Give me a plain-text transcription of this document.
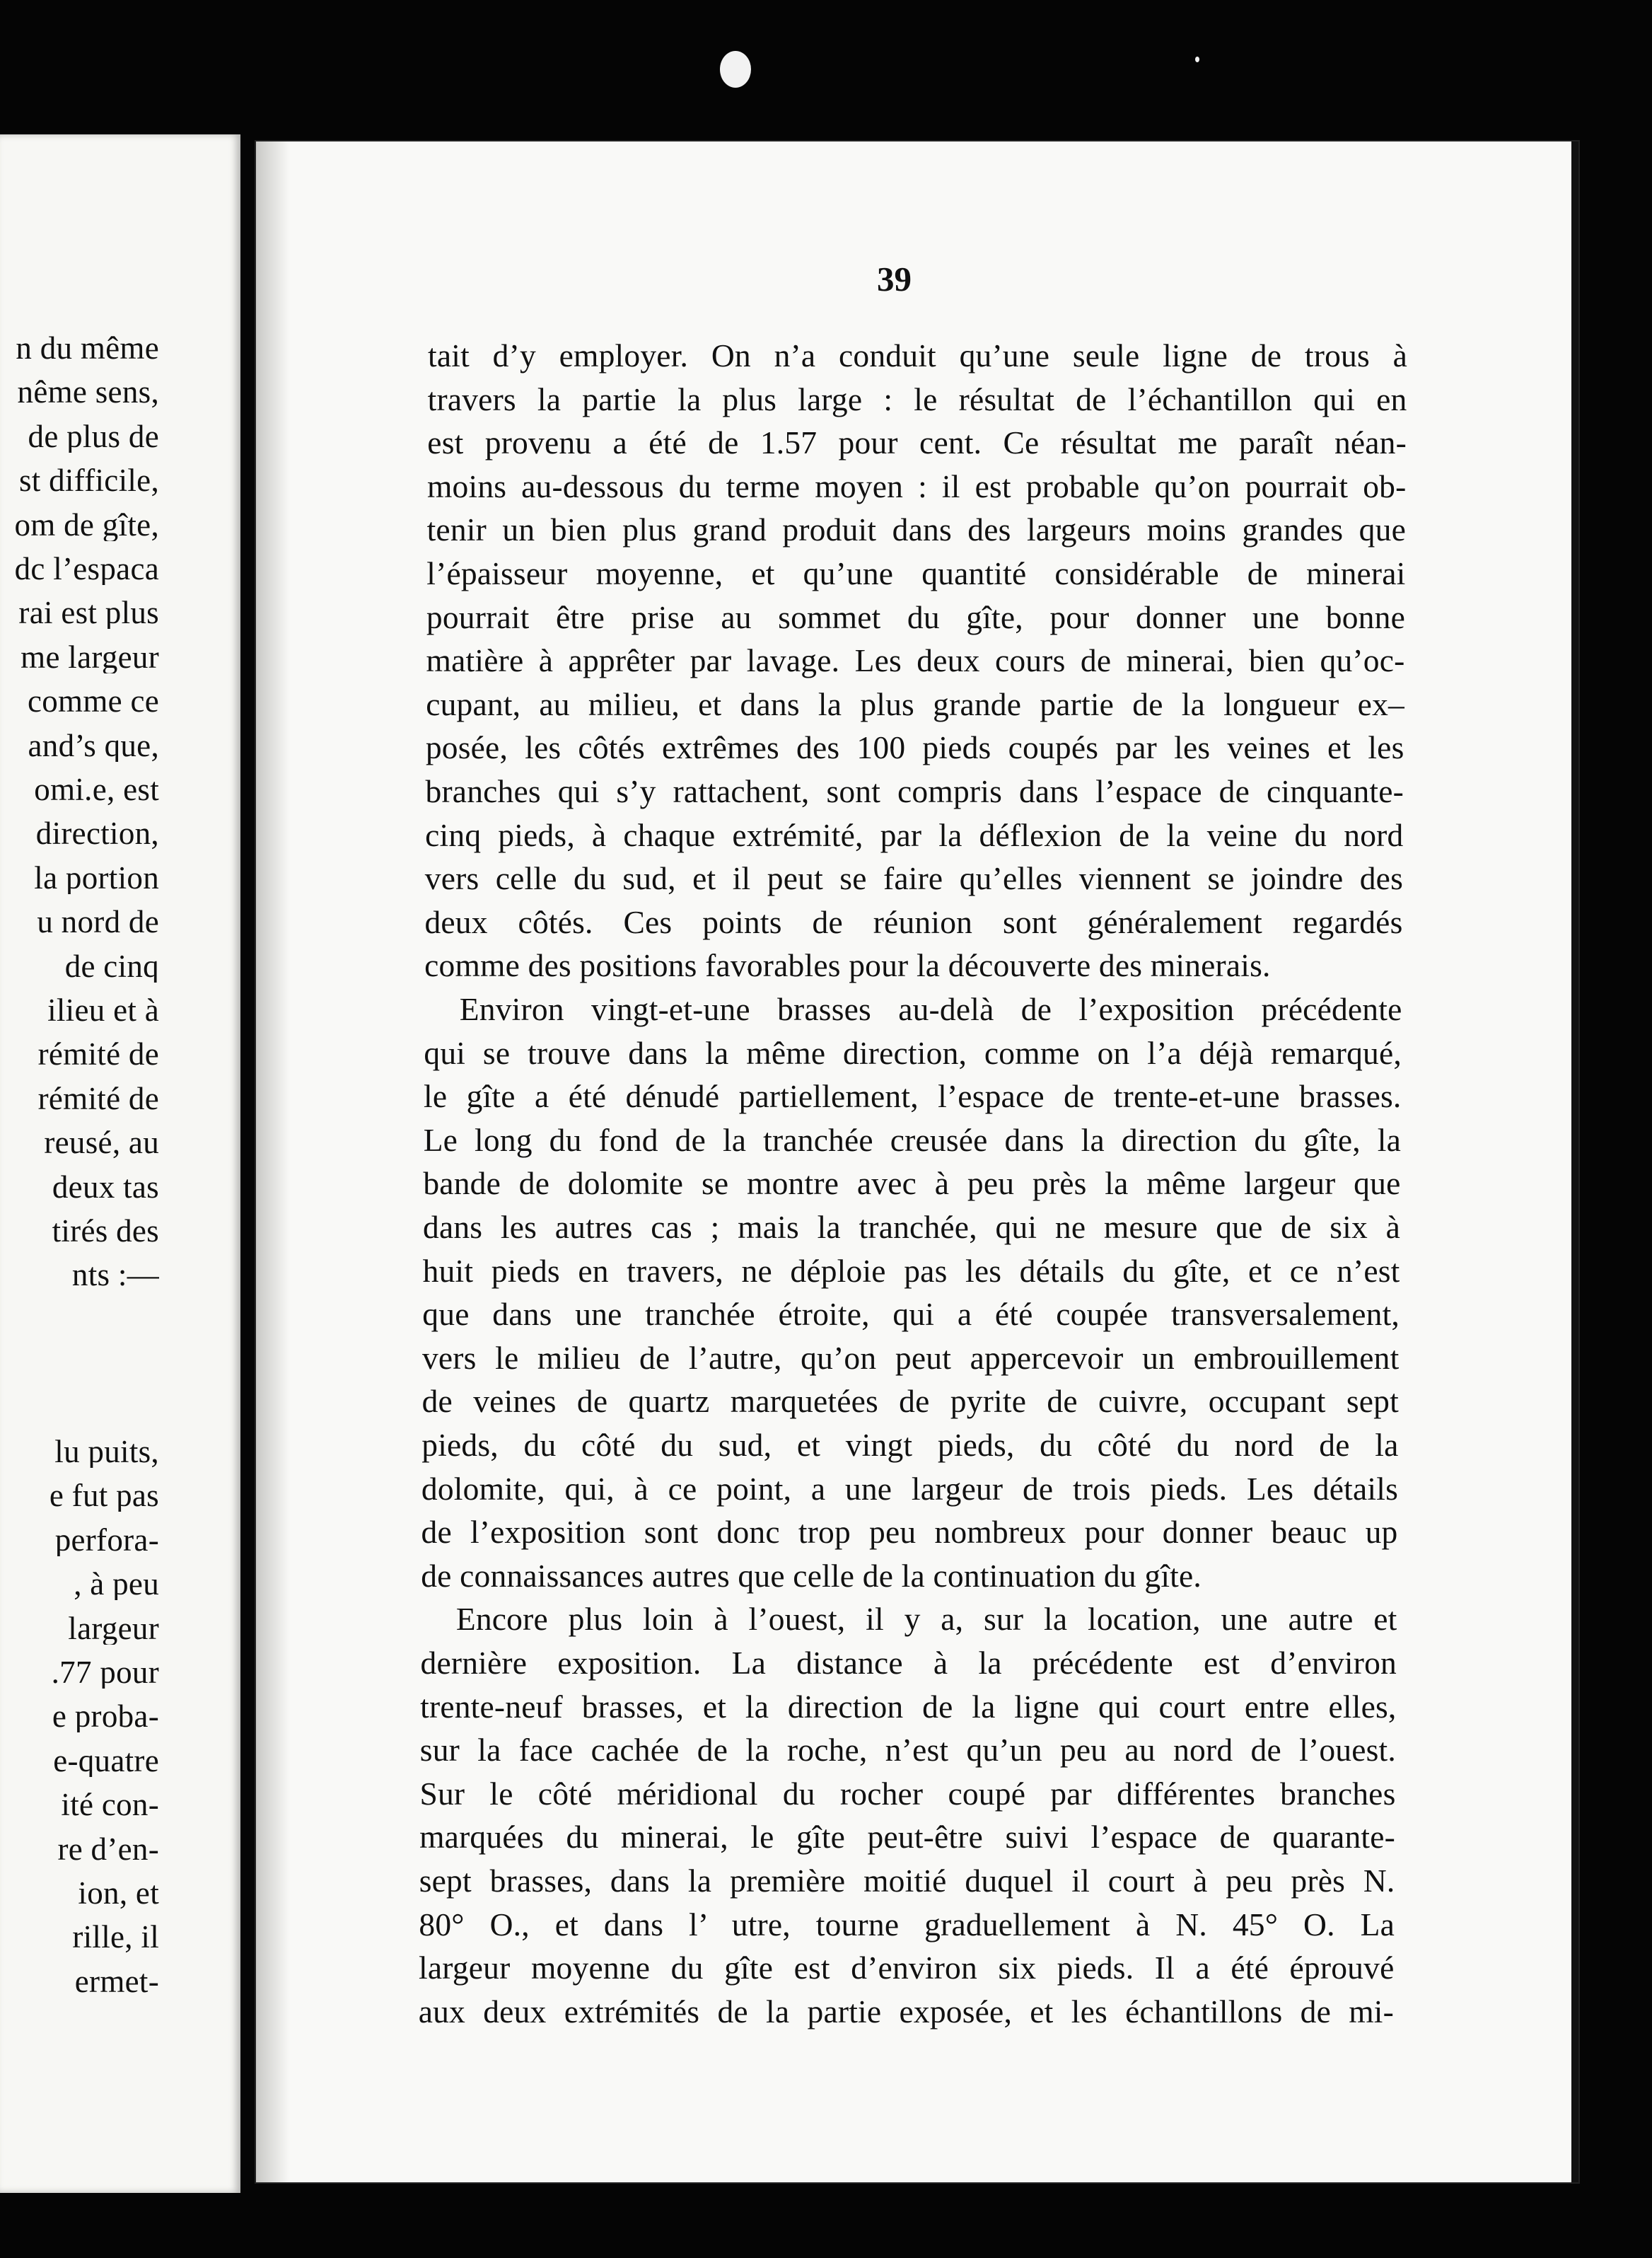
39
tait d’y employer. On n’a conduit qu’une seule ligne de trous à
travers la partie la plus large : le résultat de l’échantillon qui en
est provenu a été de 1.57 pour cent. Ce résultat me paraît néan-
moins au-dessous du terme moyen : il est probable qu’on pourrait ob-
tenir un bien plus grand produit dans des largeurs moins grandes que
l’épaisseur moyenne, et qu’une quantité considérable de minerai
pourrait être prise au sommet du gîte, pour donner une bonne
matière à apprêter par lavage. Les deux cours de minerai, bien qu’oc-
cupant, au milieu, et dans la plus grande partie de la longueur ex–
posée, les côtés extrêmes des 100 pieds coupés par les veines et les
branches qui s’y rattachent, sont compris dans l’espace de cinquante-
cinq pieds, à chaque extrémité, par la déflexion de la veine du nord
vers celle du sud, et il peut se faire qu’elles viennent se joindre des
deux côtés. Ces points de réunion sont généralement regardés
comme des positions favorables pour la découverte des minerais.
Environ vingt-et-une brasses au-delà de l’exposition précédente
qui se trouve dans la même direction, comme on l’a déjà remarqué,
le gîte a été dénudé partiellement, l’espace de trente-et-une brasses.
Le long du fond de la tranchée creusée dans la direction du gîte, la
bande de dolomite se montre avec à peu près la même largeur que
dans les autres cas ; mais la tranchée, qui ne mesure que de six à
huit pieds en travers, ne déploie pas les détails du gîte, et ce n’est
que dans une tranchée étroite, qui a été coupée transversalement,
vers le milieu de l’autre, qu’on peut appercevoir un embrouillement
de veines de quartz marquetées de pyrite de cuivre, occupant sept
pieds, du côté du sud, et vingt pieds, du côté du nord de la
dolomite, qui, à ce point, a une largeur de trois pieds. Les détails
de l’exposition sont donc trop peu nombreux pour donner beauc up
de connaissances autres que celle de la continuation du gîte.
Encore plus loin à l’ouest, il y a, sur la location, une autre et
dernière exposition. La distance à la précédente est d’environ
trente-neuf brasses, et la direction de la ligne qui court entre elles,
sur la face cachée de la roche, n’est qu’un peu au nord de l’ouest.
Sur le côté méridional du rocher coupé par différentes branches
marquées du minerai, le gîte peut-être suivi l’espace de quarante-
sept brasses, dans la première moitié duquel il court à peu près N.
80° O., et dans l’ utre, tourne graduellement à N. 45° O. La
largeur moyenne du gîte est d’environ six pieds. Il a été éprouvé
aux deux extrémités de la partie exposée, et les échantillons de mi-
n du même
nême sens,
de plus de
st difficile,
om de gîte,
dc l’espaca
rai est plus
me largeur
comme ce
and’s que,
omi.e, est
direction,
la portion
u nord de
de cinq
ilieu et à
rémité de
rémité de
reusé, au
deux tas
tirés des
nts :—
lu puits,
e fut pas
perfora-
, à peu
largeur
.77 pour
e proba-
e-quatre
ité con-
re d’en-
ion, et
rille, il
ermet-
